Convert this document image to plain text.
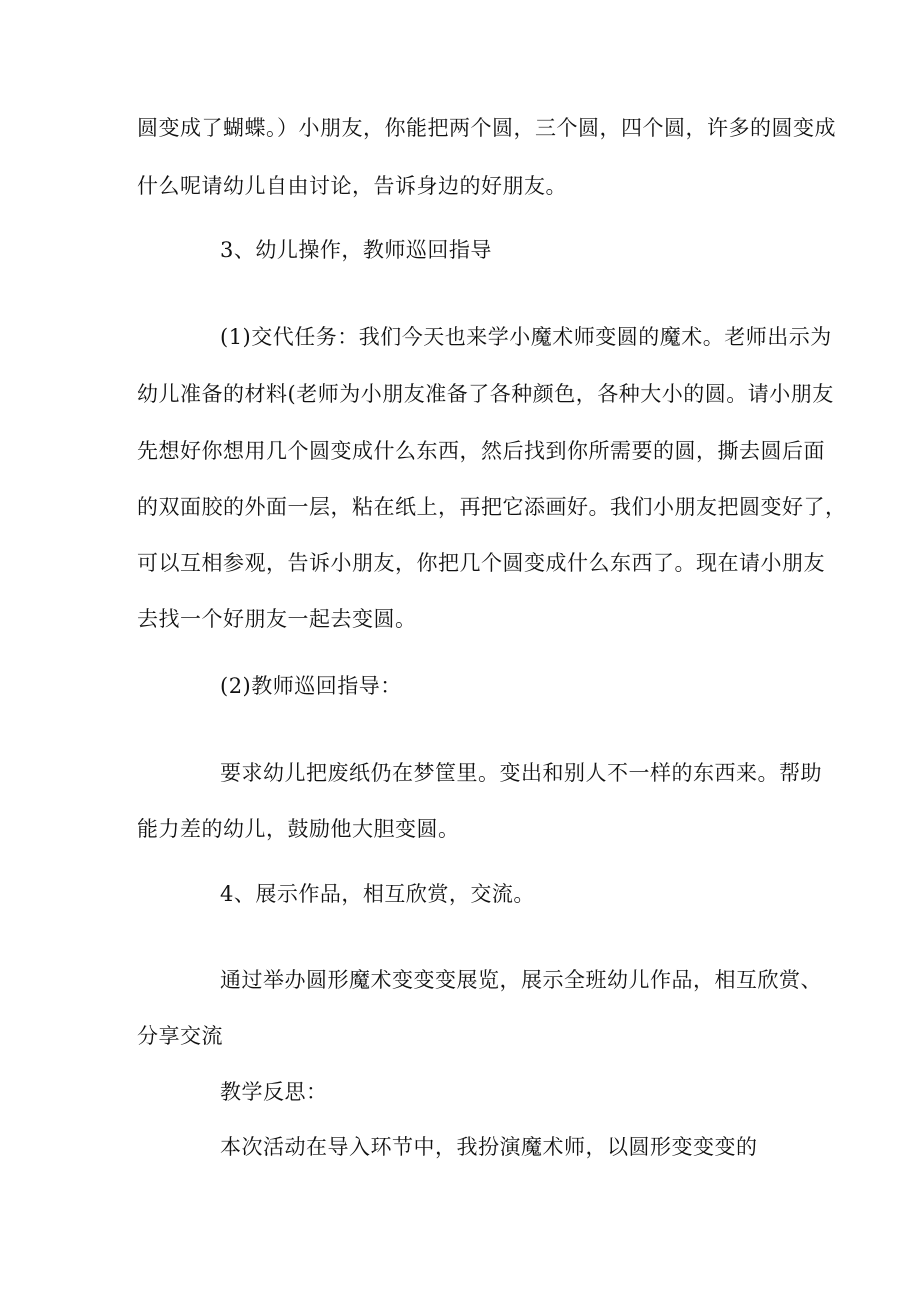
圆变成了蝴蝶。）小朋友，你能把两个圆，三个圆，四个圆，许多的圆变成
什么呢请幼儿自由讨论，告诉身边的好朋友。
3、幼儿操作，教师巡回指导
(1)交代任务：我们今天也来学小魔术师变圆的魔术。老师出示为
幼儿准备的材料(老师为小朋友准备了各种颜色，各种大小的圆。请小朋友
先想好你想用几个圆变成什么东西，然后找到你所需要的圆，撕去圆后面
的双面胶的外面一层，粘在纸上，再把它添画好。我们小朋友把圆变好了，
可以互相参观，告诉小朋友，你把几个圆变成什么东西了。现在请小朋友
去找一个好朋友一起去变圆。
(2)教师巡回指导：
要求幼儿把废纸仍在梦筐里。变出和别人不一样的东西来。帮助
能力差的幼儿，鼓励他大胆变圆。
4、展示作品，相互欣赏，交流。
通过举办圆形魔术变变变展览，展示全班幼儿作品，相互欣赏、
分享交流
教学反思：
本次活动在导入环节中，我扮演魔术师，以圆形变变变的
